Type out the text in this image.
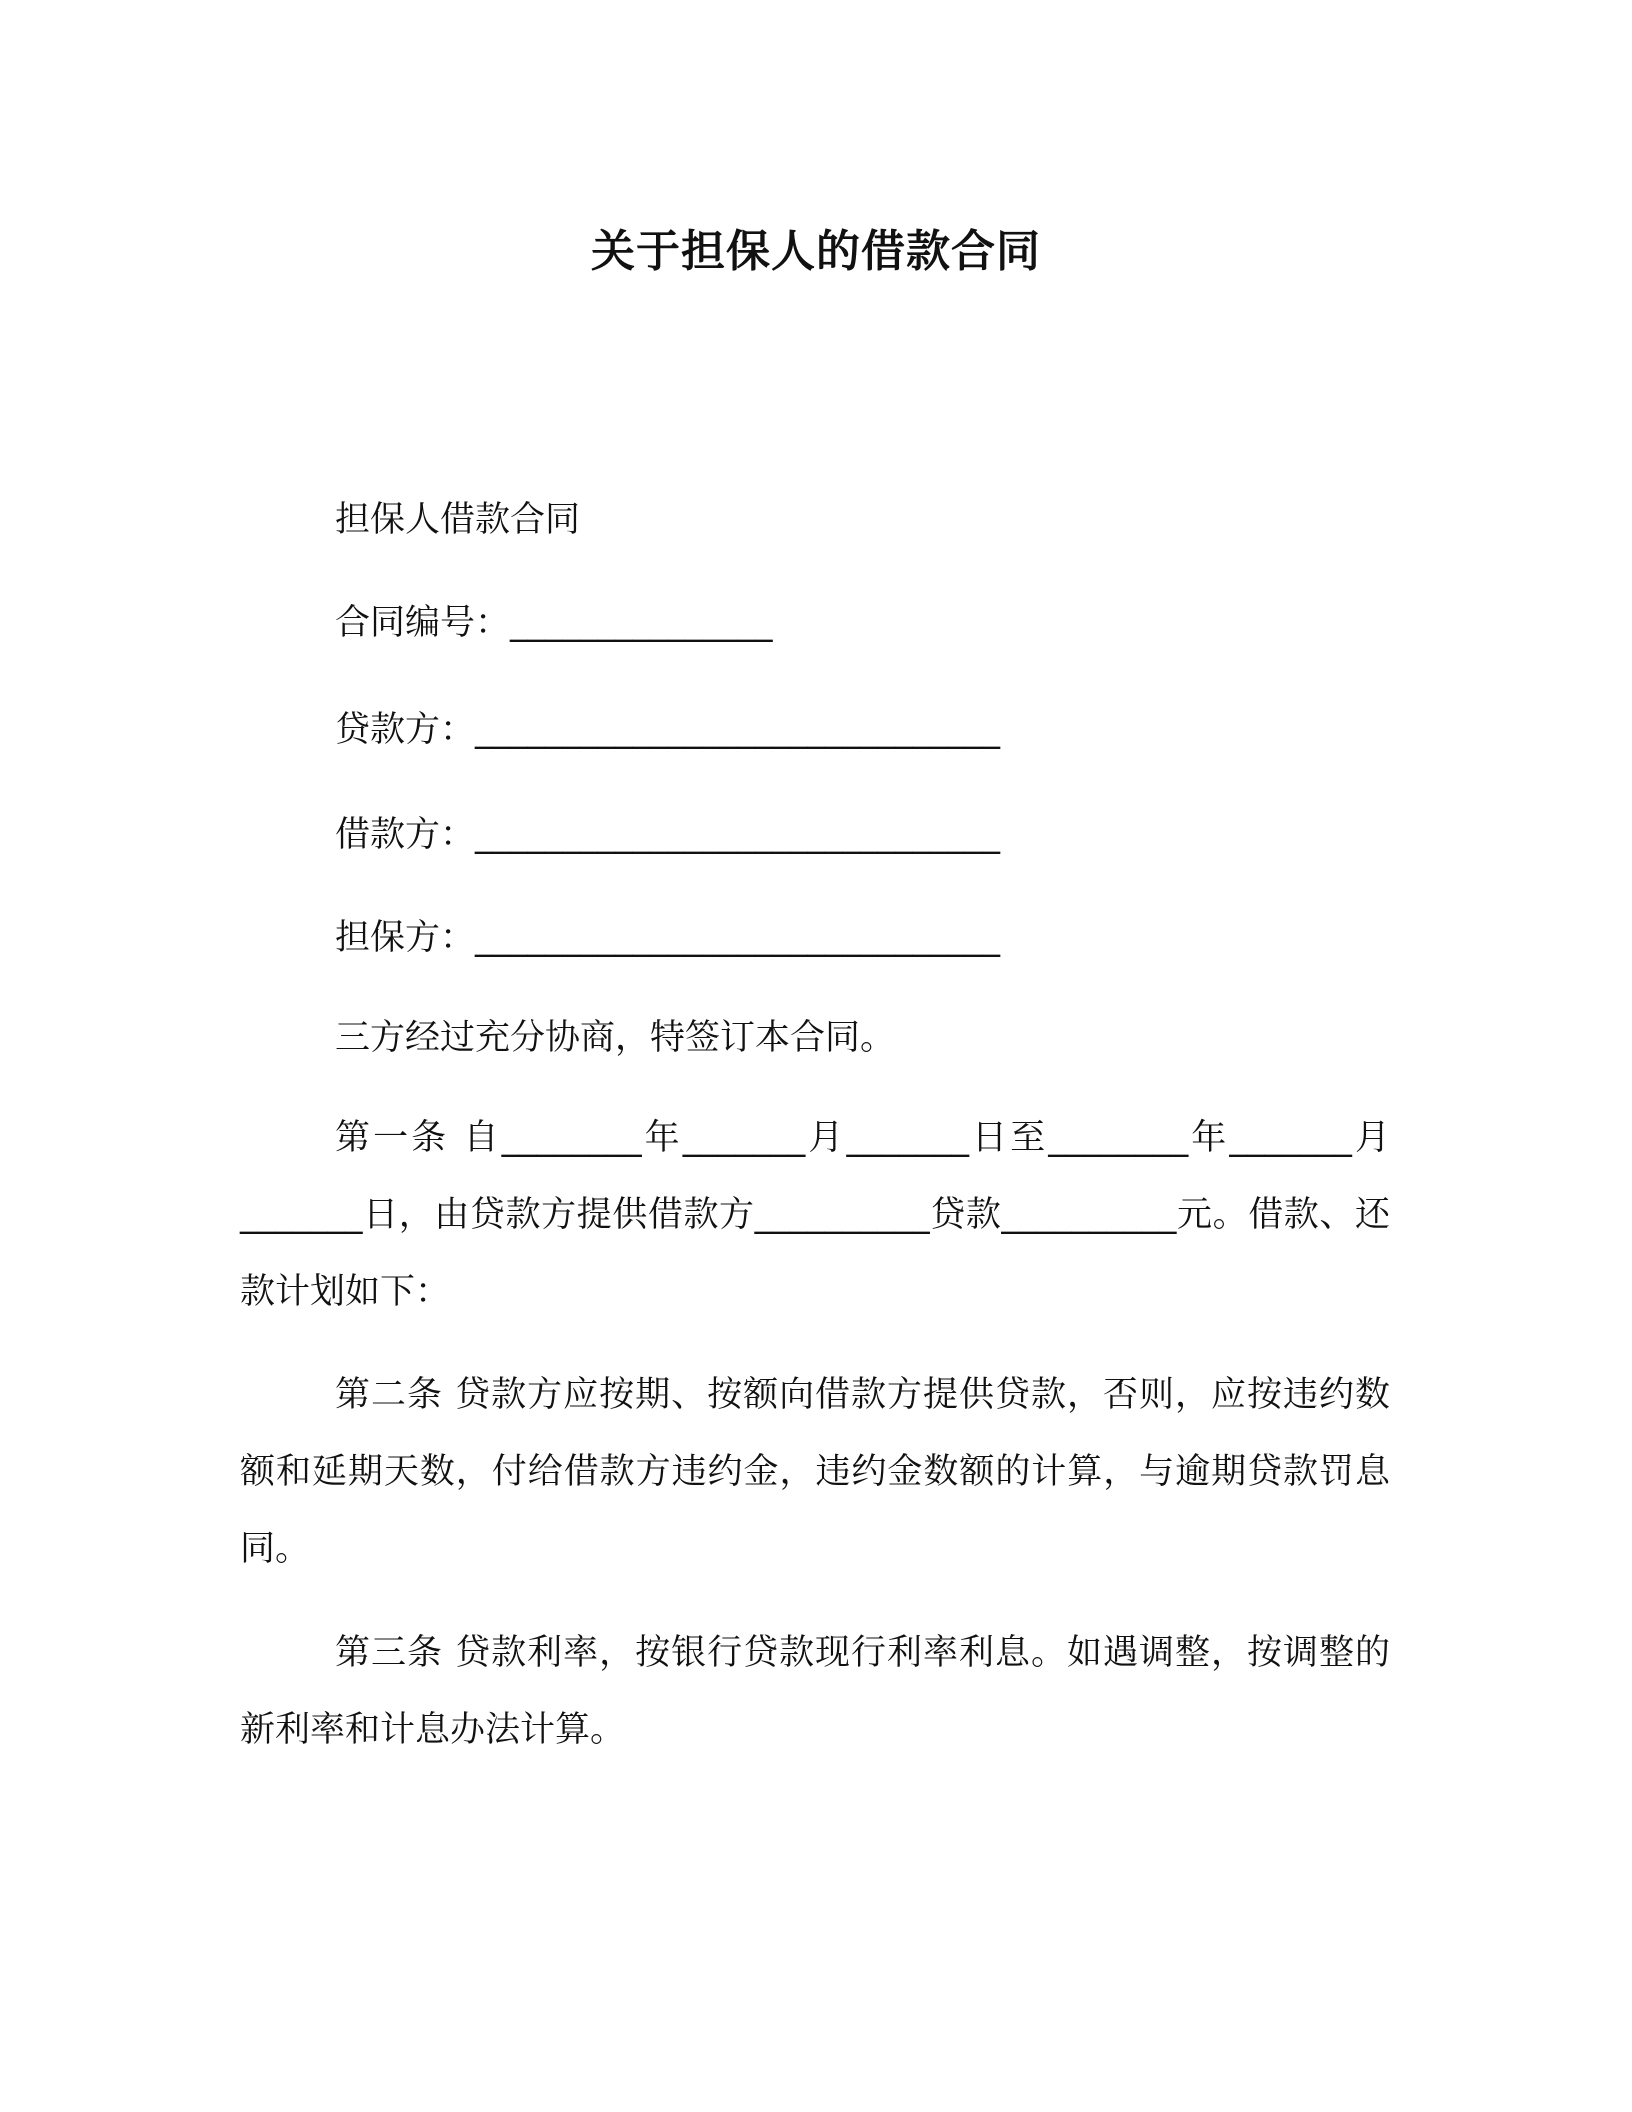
关于担保人的借款合同

担保人借款合同

合同编号：_______________

贷款方：______________________________

借款方：______________________________

担保方：______________________________

三方经过充分协商，特签订本合同。

第一条 自________年_______月_______日至________年_______月_______日，由贷款方提供借款方__________贷款__________元。借款、还款计划如下：

第二条 贷款方应按期、按额向借款方提供贷款，否则，应按违约数额和延期天数，付给借款方违约金，违约金数额的计算，与逾期贷款罚息同。

第三条 贷款利率，按银行贷款现行利率利息。如遇调整，按调整的新利率和计息办法计算。
